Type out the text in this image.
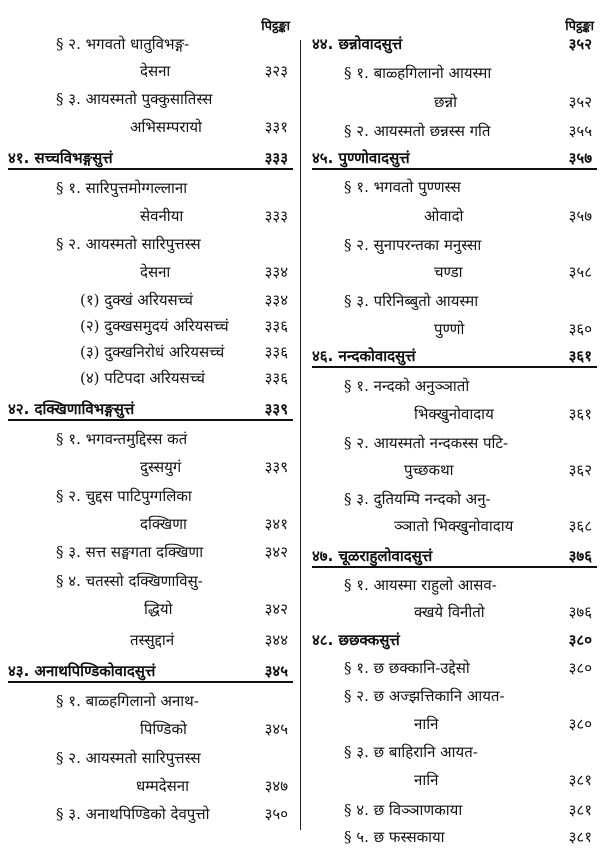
पिट्ठङ्का
§ २. भगवतो धातुविभङ्ग-
देसना	३२३
§ ३. आयस्मतो पुक्कुसातिस्स
अभिसम्परायो	३३१
४१. सच्चविभङ्गसुत्तं	३३३
§ १. सारिपुत्तमोग्गल्लाना
सेवनीया	३३३
§ २. आयस्मतो सारिपुत्तस्स
देसना	३३४
(१) दुक्खं अरियसच्चं	३३४
(२) दुक्खसमुदयं अरियसच्चं ३३६
(३) दुक्खनिरोधं अरियसच्चं	३३६
(४) पटिपदा अरियसच्चं	३३६
४२. दक्खिणाविभङ्गसुत्तं	३३९
§ १. भगवन्तमुद्दिस्स कतं
दुस्सयुगं	३३९
§ २. चुद्दस पाटिपुग्गलिका
दक्खिणा	३४१
§ ३. सत्त सङ्घगता दक्खिणा	३४२
§ ४. चतस्सो दक्खिणाविसु-
द्धियो	३४२
तस्सुद्दानं	३४४
४३. अनाथपिण्डिकोवादसुत्तं	३४५
§ १. बाळ्हगिलानो अनाथ-
पिण्डिको	३४५
§ २. आयस्मतो सारिपुत्तस्स
धम्मदेसना	३४७
§ ३. अनाथपिण्डिको देवपुत्तो	३५०
पिट्ठङ्का
४४. छन्नोवादसुत्तं	३५२
§ १. बाळ्हगिलानो आयस्मा
छन्नो	३५२
§ २. आयस्मतो छन्नस्स गति	३५५
४५. पुण्णोवादसुत्तं	३५७
§ १. भगवतो पुण्णस्स
ओवादो	३५७
§ २. सुनापरन्तका मनुस्सा
चण्डा	३५८
§ ३. परिनिब्बुतो आयस्मा
पुण्णो	३६०
४६. नन्दकोवादसुत्तं	३६१
§ १. नन्दको अनुञ्ञातो
भिक्खुनोवादाय	३६१
§ २. आयस्मतो नन्दकस्स पटि-
पुच्छकथा	३६२
§ ३. दुतियम्पि नन्दको अनु-
ञ्ञातो भिक्खुनोवादाय	३६८
४७. चूळराहुलोवादसुत्तं	३७६
§ १. आयस्मा राहुलो आसव-
क्खये विनीतो	३७६
४८. छछक्कसुत्तं	३८०
§ १. छ छक्कानि-उद्देसो	३८०
§ २. छ अज्झत्तिकानि आयत-
नानि	३८०
§ ३. छ बाहिरानि आयत-
नानि	३८१
§ ४. छ विञ्ञाणकाया	३८१
§ ५. छ फस्सकाया	३८१
